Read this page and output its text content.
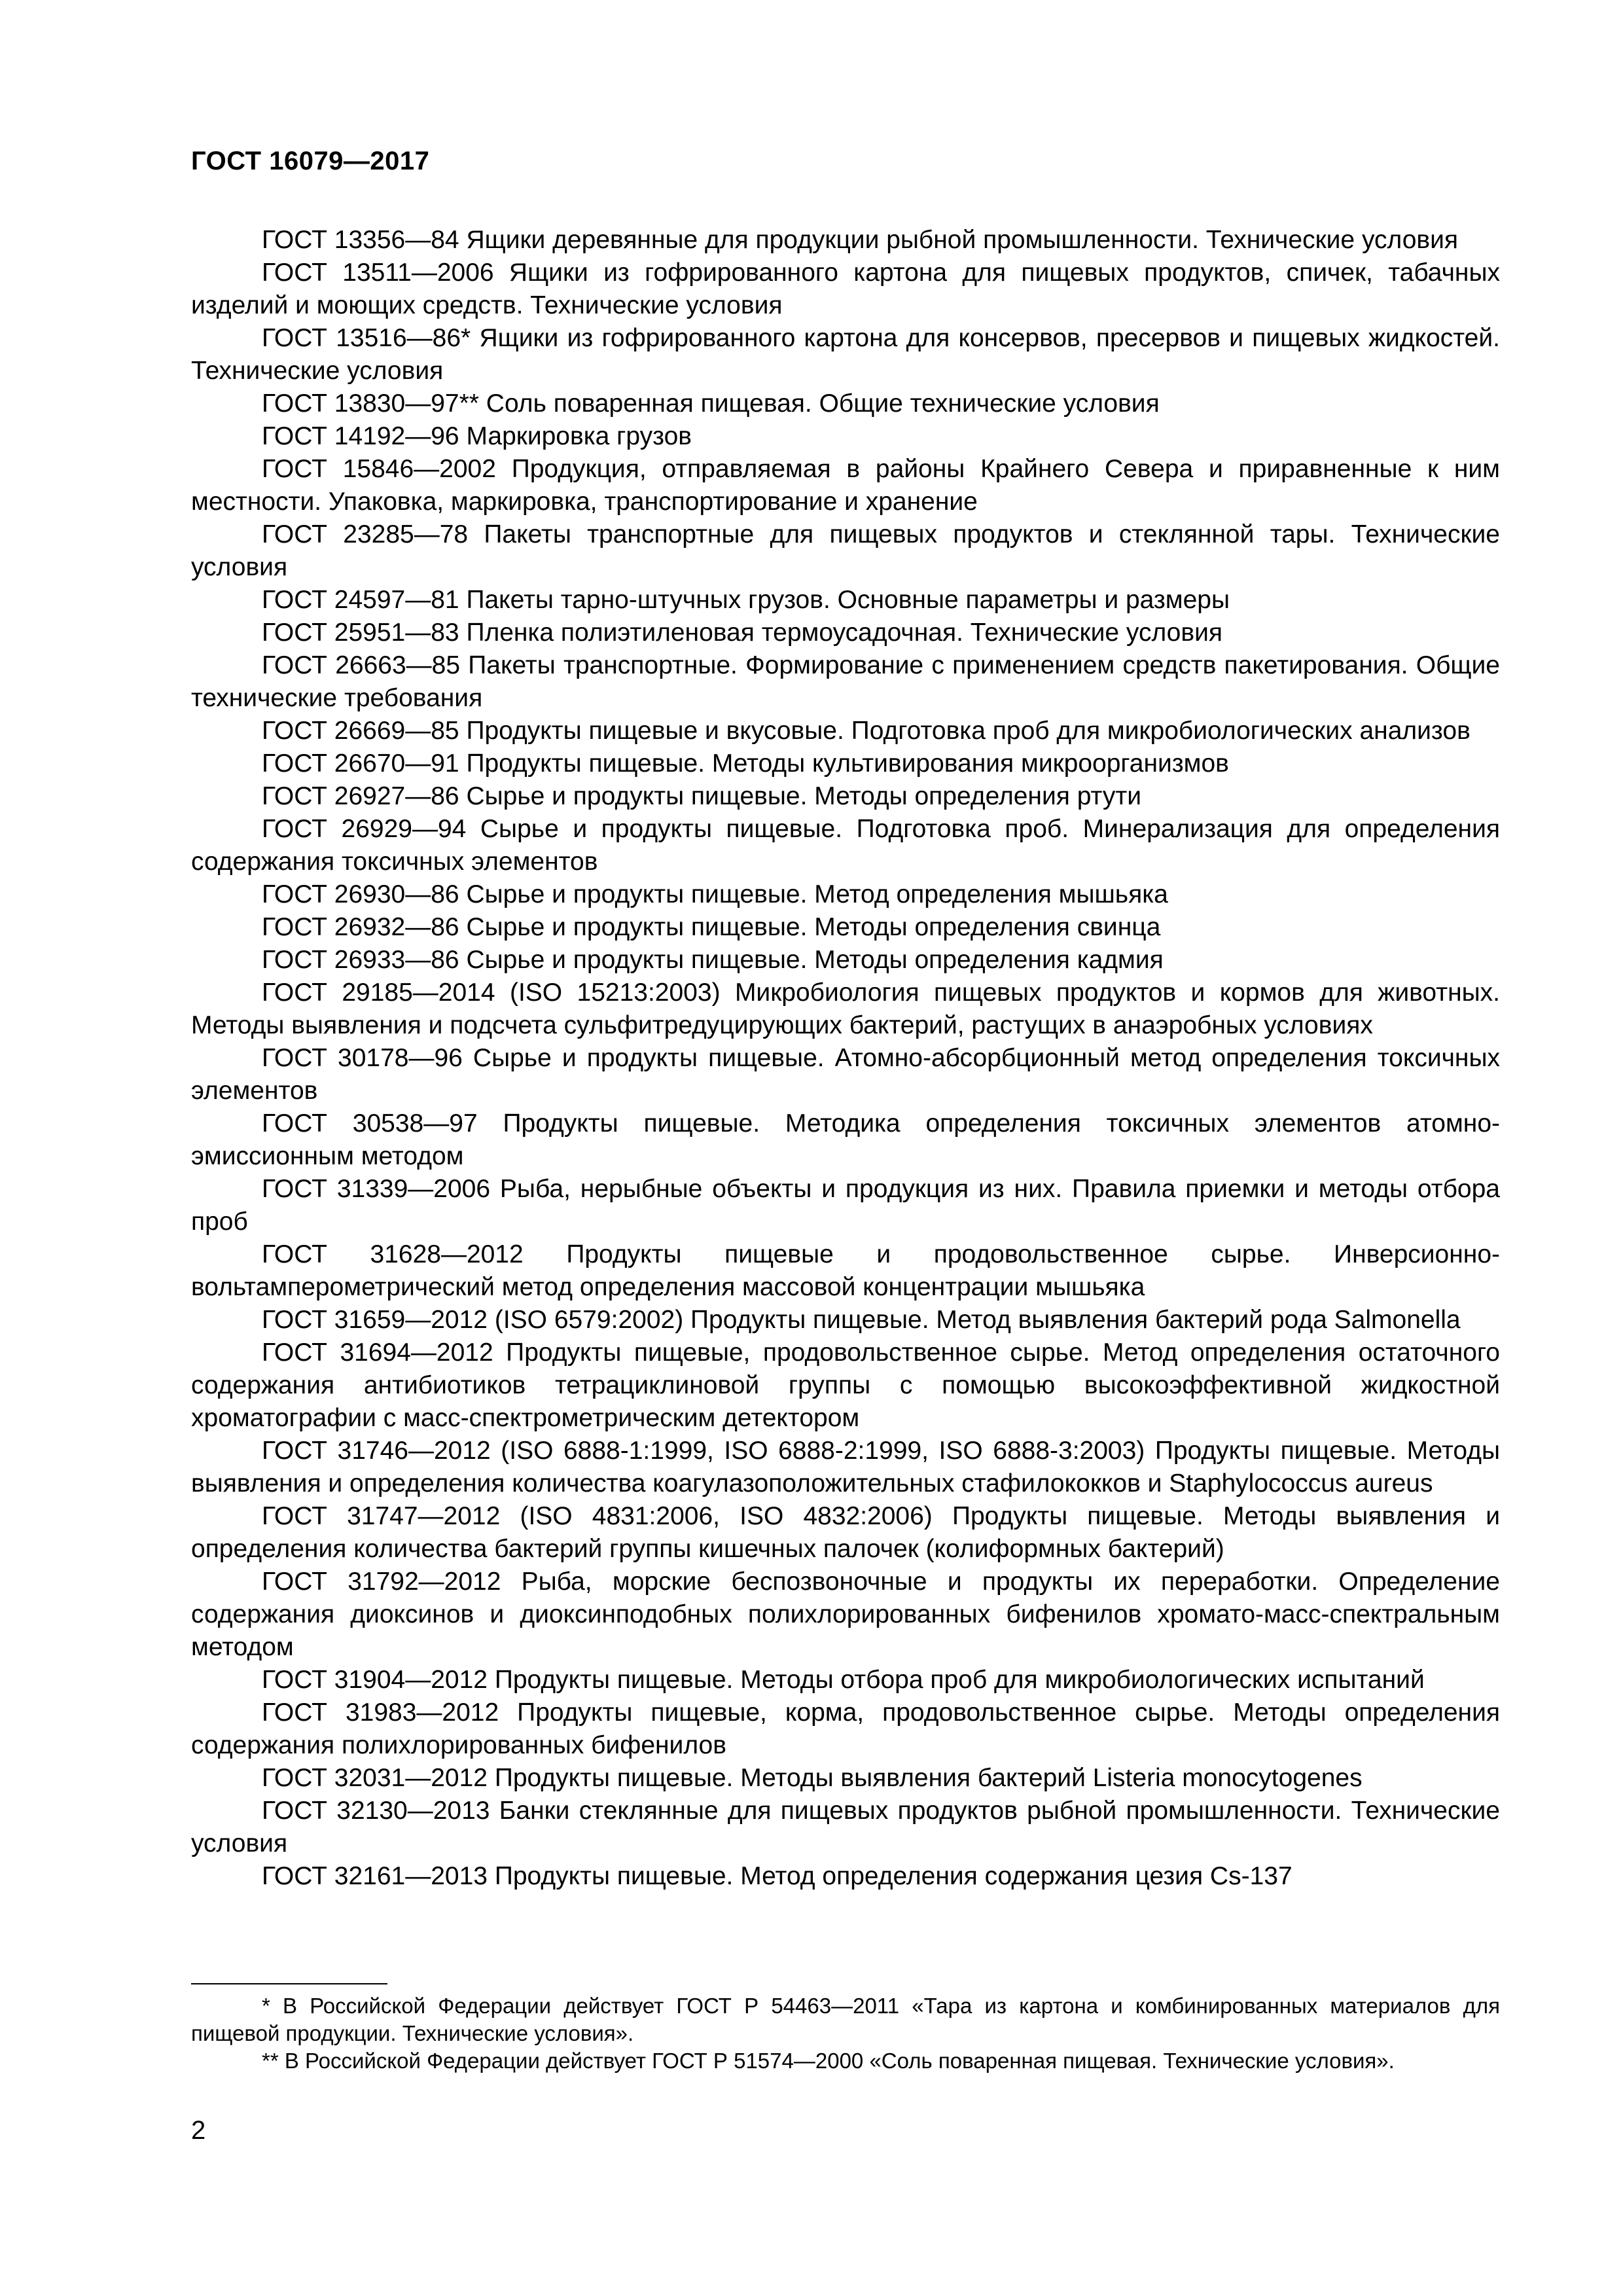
ГОСТ 16079—2017

ГОСТ 13356—84 Ящики деревянные для продукции рыбной промышленности. Технические условия

ГОСТ 13511—2006 Ящики из гофрированного картона для пищевых продуктов, спичек, табачных изделий и моющих средств. Технические условия

ГОСТ 13516—86* Ящики из гофрированного картона для консервов, пресервов и пищевых жидкостей. Технические условия

ГОСТ 13830—97** Соль поваренная пищевая. Общие технические условия

ГОСТ 14192—96 Маркировка грузов

ГОСТ 15846—2002 Продукция, отправляемая в районы Крайнего Севера и приравненные к ним местности. Упаковка, маркировка, транспортирование и хранение

ГОСТ 23285—78 Пакеты транспортные для пищевых продуктов и стеклянной тары. Технические условия

ГОСТ 24597—81 Пакеты тарно-штучных грузов. Основные параметры и размеры

ГОСТ 25951—83 Пленка полиэтиленовая термоусадочная. Технические условия

ГОСТ 26663—85 Пакеты транспортные. Формирование с применением средств пакетирования. Общие технические требования

ГОСТ 26669—85 Продукты пищевые и вкусовые. Подготовка проб для микробиологических анализов

ГОСТ 26670—91 Продукты пищевые. Методы культивирования микроорганизмов

ГОСТ 26927—86 Сырье и продукты пищевые. Методы определения ртути

ГОСТ 26929—94 Сырье и продукты пищевые. Подготовка проб. Минерализация для определения содержания токсичных элементов

ГОСТ 26930—86 Сырье и продукты пищевые. Метод определения мышьяка

ГОСТ 26932—86 Сырье и продукты пищевые. Методы определения свинца

ГОСТ 26933—86 Сырье и продукты пищевые. Методы определения кадмия

ГОСТ 29185—2014 (ISO 15213:2003) Микробиология пищевых продуктов и кормов для животных. Методы выявления и подсчета сульфитредуцирующих бактерий, растущих в анаэробных условиях

ГОСТ 30178—96 Сырье и продукты пищевые. Атомно-абсорбционный метод определения токсичных элементов

ГОСТ 30538—97 Продукты пищевые. Методика определения токсичных элементов атомно-эмиссионным методом

ГОСТ 31339—2006 Рыба, нерыбные объекты и продукция из них. Правила приемки и методы отбора проб

ГОСТ 31628—2012 Продукты пищевые и продовольственное сырье. Инверсионно-вольтамперометрический метод определения массовой концентрации мышьяка

ГОСТ 31659—2012 (ISO 6579:2002) Продукты пищевые. Метод выявления бактерий рода Salmonella

ГОСТ 31694—2012 Продукты пищевые, продовольственное сырье. Метод определения остаточного содержания антибиотиков тетрациклиновой группы с помощью высокоэффективной жидкостной хроматографии с масс-спектрометрическим детектором

ГОСТ 31746—2012 (ISO 6888-1:1999, ISO 6888-2:1999, ISO 6888-3:2003) Продукты пищевые. Методы выявления и определения количества коагулазоположительных стафилококков и Staphylococcus aureus

ГОСТ 31747—2012 (ISO 4831:2006, ISO 4832:2006) Продукты пищевые. Методы выявления и определения количества бактерий группы кишечных палочек (колиформных бактерий)

ГОСТ 31792—2012 Рыба, морские беспозвоночные и продукты их переработки. Определение содержания диоксинов и диоксинподобных полихлорированных бифенилов хромато-масс-спектральным методом

ГОСТ 31904—2012 Продукты пищевые. Методы отбора проб для микробиологических испытаний

ГОСТ 31983—2012 Продукты пищевые, корма, продовольственное сырье. Методы определения содержания полихлорированных бифенилов

ГОСТ 32031—2012 Продукты пищевые. Методы выявления бактерий Listeria monocytogenes

ГОСТ 32130—2013 Банки стеклянные для пищевых продуктов рыбной промышленности. Технические условия

ГОСТ 32161—2013 Продукты пищевые. Метод определения содержания цезия Cs-137

* В Российской Федерации действует ГОСТ Р 54463—2011 «Тара из картона и комбинированных материалов для пищевой продукции. Технические условия».

** В Российской Федерации действует ГОСТ Р 51574—2000 «Соль поваренная пищевая. Технические условия».

2
